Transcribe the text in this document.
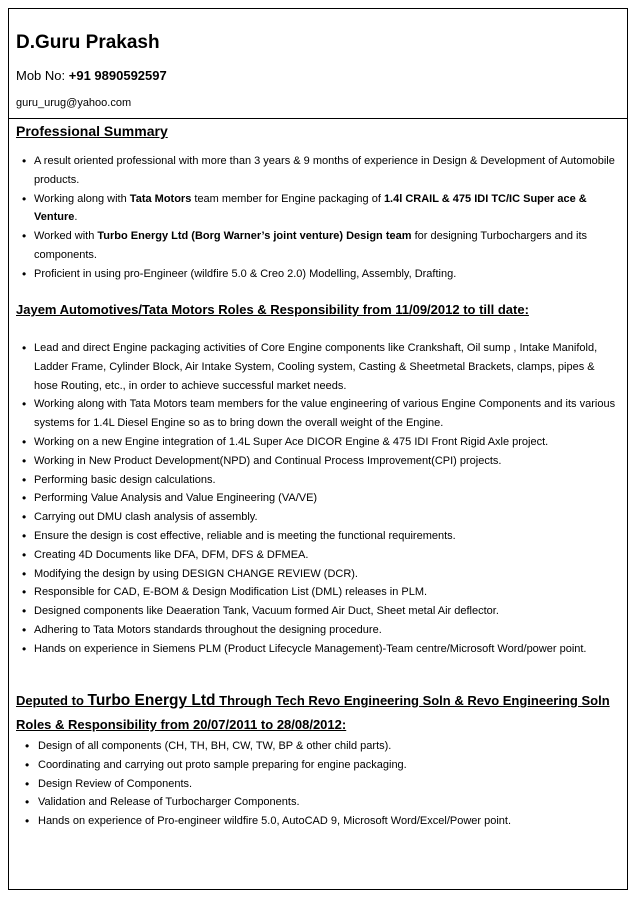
D.Guru Prakash
Mob No: +91 9890592597
guru_urug@yahoo.com
Professional Summary
• A result oriented professional with more than 3 years & 9 months of experience in Design & Development of Automobile products.
• Working along with Tata Motors team member for Engine packaging of 1.4l CRAIL & 475 IDI TC/IC Super ace & Venture.
• Worked with Turbo Energy Ltd (Borg Warner’s joint venture) Design team for designing Turbochargers and its components.
• Proficient in using pro-Engineer (wildfire 5.0 & Creo 2.0) Modelling, Assembly, Drafting.
Jayem Automotives/Tata Motors Roles & Responsibility from 11/09/2012 to till date:
• Lead and direct Engine packaging activities of Core Engine components like Crankshaft, Oil sump , Intake Manifold, Ladder Frame, Cylinder Block, Air Intake System, Cooling system, Casting & Sheetmetal Brackets, clamps, pipes & hose Routing, etc., in order to achieve successful market needs.
• Working along with Tata Motors team members for the value engineering of various Engine Components and its various systems for 1.4L Diesel Engine so as to bring down the overall weight of the Engine.
• Working on a new Engine integration of 1.4L Super Ace DICOR Engine & 475 IDI Front Rigid Axle project.
• Working in New Product Development(NPD) and Continual Process Improvement(CPI) projects.
• Performing basic design calculations.
• Performing Value Analysis and Value Engineering (VA/VE)
• Carrying out DMU clash analysis of assembly.
• Ensure the design is cost effective, reliable and is meeting the functional requirements.
• Creating 4D Documents like DFA, DFM, DFS & DFMEA.
• Modifying the design by using DESIGN CHANGE REVIEW (DCR).
• Responsible for CAD, E-BOM & Design Modification List (DML) releases in PLM.
• Designed components like Deaeration Tank, Vacuum formed Air Duct, Sheet metal Air deflector.
• Adhering to Tata Motors standards throughout the designing procedure.
• Hands on experience in Siemens PLM (Product Lifecycle Management)-Team centre/Microsoft Word/power point.
Deputed to Turbo Energy Ltd Through Tech Revo Engineering Soln & Revo Engineering Soln
Roles & Responsibility from 20/07/2011 to 28/08/2012:
• Design of all components (CH, TH, BH, CW, TW, BP & other child parts).
• Coordinating and carrying out proto sample preparing for engine packaging.
• Design Review of Components.
• Validation and Release of Turbocharger Components.
• Hands on experience of Pro-engineer wildfire 5.0, AutoCAD 9, Microsoft Word/Excel/Power point.
